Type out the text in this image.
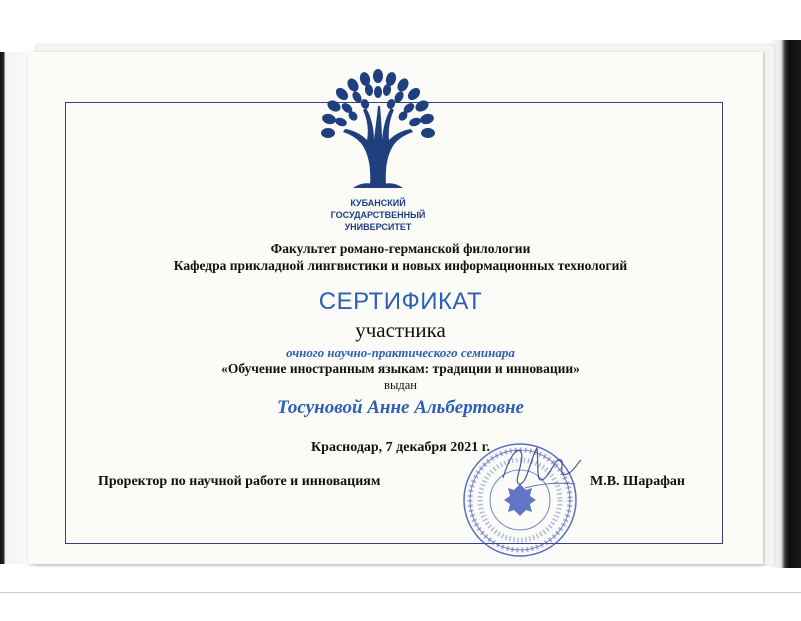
КУБАНСКИЙ
ГОСУДАРСТВЕННЫЙ
УНИВЕРСИТЕТ
Факультет романо-германской филологии
Кафедра прикладной лингвистики и новых информационных технологий
СЕРТИФИКАТ
участника
очного научно-практического семинара
«Обучение иностранным языкам: традиции и инновации»
выдан
Тосуновой Анне Альбертовне
Краснодар, 7 декабря 2021 г.
Проректор по научной работе и инновациям	М.В. Шарафан
